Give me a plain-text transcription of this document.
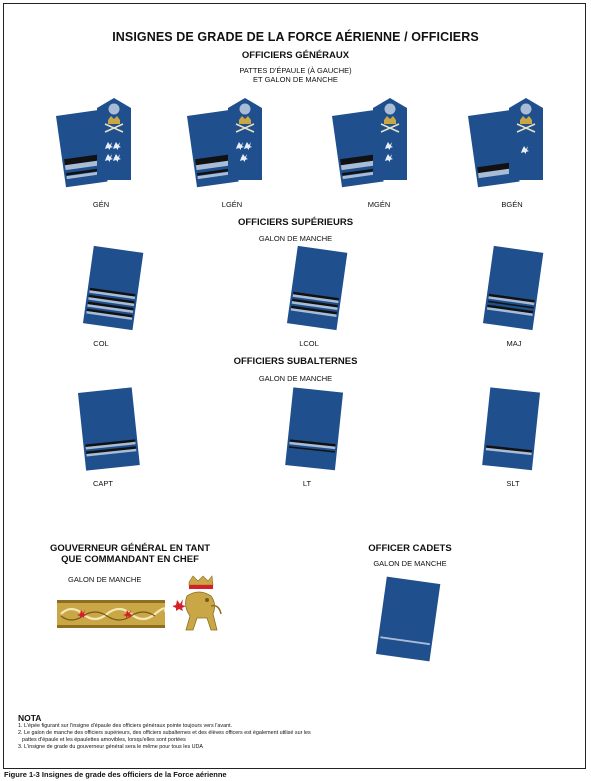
INSIGNES DE GRADE DE LA FORCE AÉRIENNE / OFFICIERS
OFFICIERS GÉNÉRAUX
PATTES D'ÉPAULE (À GAUCHE)
ET GALON DE MANCHE
GÉN	LGÉN	MGÉN	BGÉN
OFFICIERS SUPÉRIEURS
GALON DE MANCHE
COL	LCOL	MAJ
OFFICIERS SUBALTERNES
GALON DE MANCHE
CAPT	LT	SLT
GOUVERNEUR GÉNÉRAL EN TANT
QUE COMMANDANT EN CHEF
GALON DE MANCHE
OFFICER CADETS
GALON DE MANCHE
NOTA
1. L'épée figurant sur l'insigne d'épaule des officiers généraux pointe toujours vers l'avant.
2. Le galon de manche des officiers supérieurs, des officiers subalternes et des élèves officers est également utilisé sur les
pattes d'épaule et les épaulettes amovibles, lorsqu'elles sont portées
3. L'insigne de grade du gouverneur général sera le même pour tous les UDA
Figure 1-3 Insignes de grade des officiers de la Force aérienne
